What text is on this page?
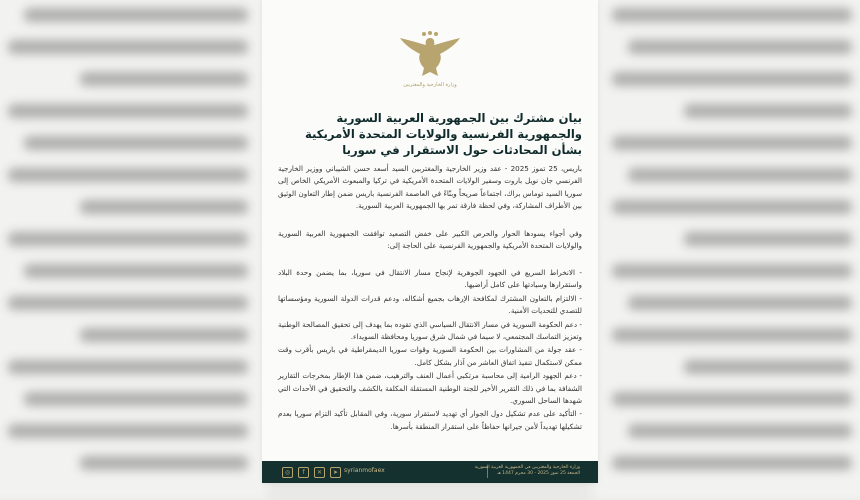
وزارة الخارجية والمغتربين
بيان مشترك بين الجمهورية العربية السورية والجمهورية الفرنسية والولايات المتحدة الأمريكية بشأن المحادثات حول الاستقرار في سوريا
باريس، 25 تموز 2025 - عقد وزير الخارجية والمغتربين السيد أسعد حسن الشيباني ووزير الخارجية الفرنسي جان نويل باروت وسفير الولايات المتحدة الأمريكية في تركيا والمبعوث الأمريكي الخاص إلى سوريا السيد توماس براك، اجتماعاً صريحاً وبنّاءً في العاصمة الفرنسية باريس ضمن إطار التعاون الوثيق بين الأطراف المشاركة، وفي لحظة فارقة تمر بها الجمهورية العربية السورية.
وفي أجواء يسودها الحوار والحرص الكبير على خفض التصعيد توافقت الجمهورية العربية السورية والولايات المتحدة الأمريكية والجمهورية الفرنسية على الحاجة إلى:
- الانخراط السريع في الجهود الجوهرية لإنجاح مسار الانتقال في سوريا، بما يضمن وحدة البلاد واستقرارها وسيادتها على كامل أراضيها.
- الالتزام بالتعاون المشترك لمكافحة الإرهاب بجميع أشكاله، ودعم قدرات الدولة السورية ومؤسساتها للتصدي للتحديات الأمنية.
- دعم الحكومة السورية في مسار الانتقال السياسي الذي تقوده بما يهدف إلى تحقيق المصالحة الوطنية وتعزيز التماسك المجتمعي، لا سيما في شمال شرق سوريا ومحافظة السويداء.
- عقد جولة من المشاورات بين الحكومة السورية وقوات سوريا الديمقراطية في باريس بأقرب وقت ممكن لاستكمال تنفيذ اتفاق العاشر من آذار بشكل كامل.
- دعم الجهود الرامية إلى محاسبة مرتكبي أعمال العنف والترهيب، ضمن هذا الإطار بمخرجات التقارير الشفافة بما في ذلك التقرير الأخير للجنة الوطنية المستقلة المكلفة بالكشف والتحقيق في الأحداث التي شهدها الساحل السوري.
- التأكيد على عدم تشكيل دول الجوار أي تهديد لاستقرار سورية، وفي المقابل تأكيد التزام سوريا بعدم تشكيلها تهديداً لأمن جيرانها حفاظاً على استقرار المنطقة بأسرها.
◎	f	✕	➤ syrianmofaex	وزارة الخارجية والمغتربين في الجمهورية العربية السورية
الجمعة 25 تموز 2025 - 30 محرم 1447 هـ
